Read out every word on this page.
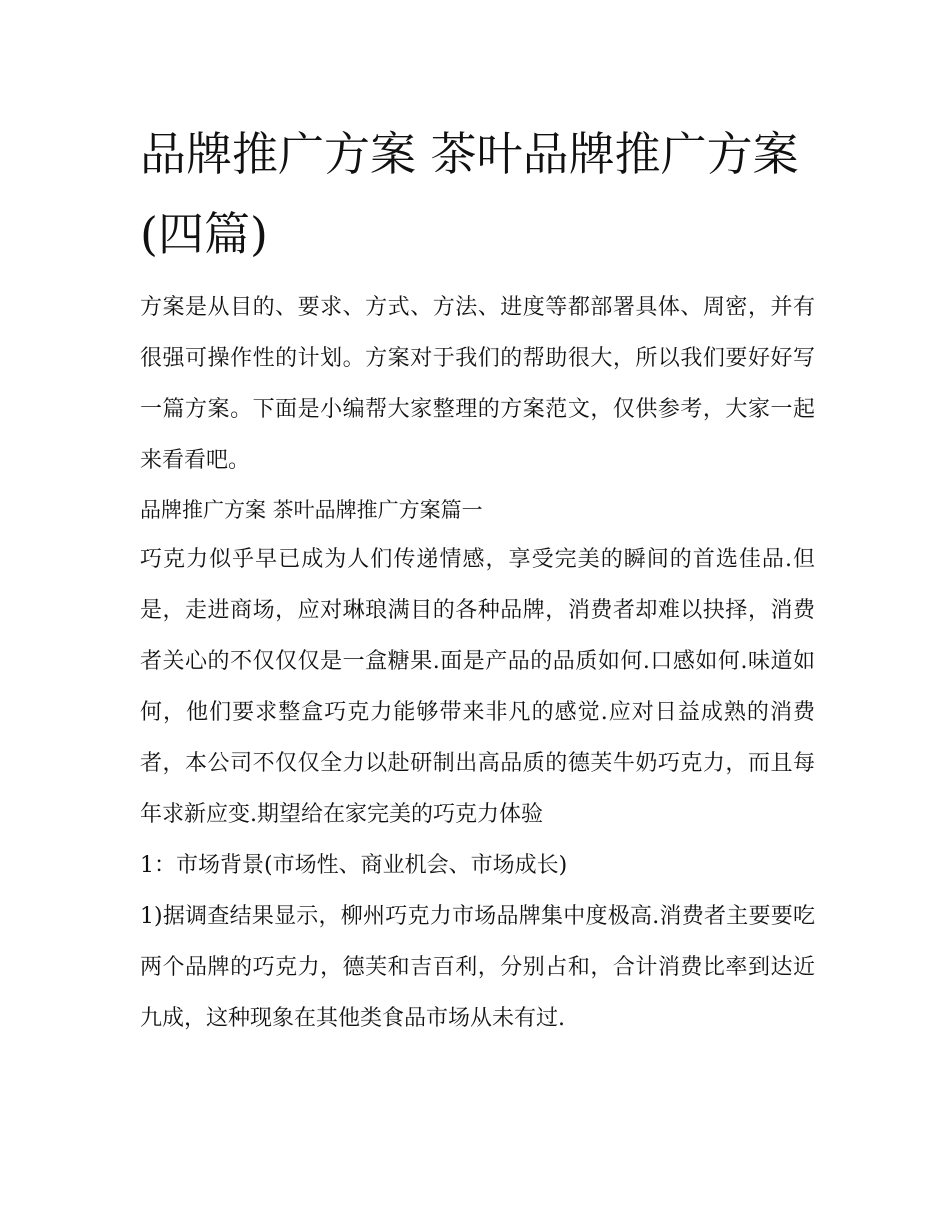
品牌推广方案 茶叶品牌推广方案(四篇)

方案是从目的、要求、方式、方法、进度等都部署具体、周密，并有很强可操作性的计划。方案对于我们的帮助很大，所以我们要好好写一篇方案。下面是小编帮大家整理的方案范文，仅供参考，大家一起来看看吧。

品牌推广方案 茶叶品牌推广方案篇一

巧克力似乎早已成为人们传递情感，享受完美的瞬间的首选佳品.但是，走进商场，应对琳琅满目的各种品牌，消费者却难以抉择，消费者关心的不仅仅仅是一盒糖果.面是产品的品质如何.口感如何.味道如何，他们要求整盒巧克力能够带来非凡的感觉.应对日益成熟的消费者，本公司不仅仅全力以赴研制出高品质的德芙牛奶巧克力，而且每年求新应变.期望给在家完美的巧克力体验

1：市场背景(市场性、商业机会、市场成长)

1)据调查结果显示，柳州巧克力市场品牌集中度极高.消费者主要要吃两个品牌的巧克力，德芙和吉百利，分别占和，合计消费比率到达近九成，这种现象在其他类食品市场从未有过.
